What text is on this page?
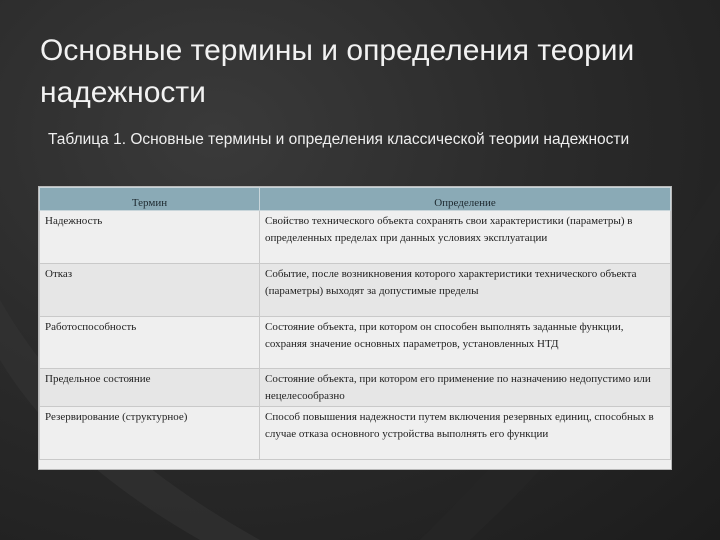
Основные термины и определения теории надежности
Таблица 1. Основные термины и определения классической теории надежности
Термин	Определение
Надежность	Свойство технического объекта сохранять свои характеристики (параметры) в определенных пределах при данных условиях эксплуатации
Отказ	Событие, после возникновения которого характеристики технического объекта (параметры) выходят за допустимые пределы
Работоспособность	Состояние объекта, при котором он способен выполнять заданные функции, сохраняя значение основных параметров, установленных НТД
Предельное состояние	Состояние объекта, при котором его применение по назначению недопустимо или нецелесообразно
Резервирование (структурное)	Способ повышения надежности путем включения резервных единиц, способных в случае отказа основного устройства выполнять его функции
